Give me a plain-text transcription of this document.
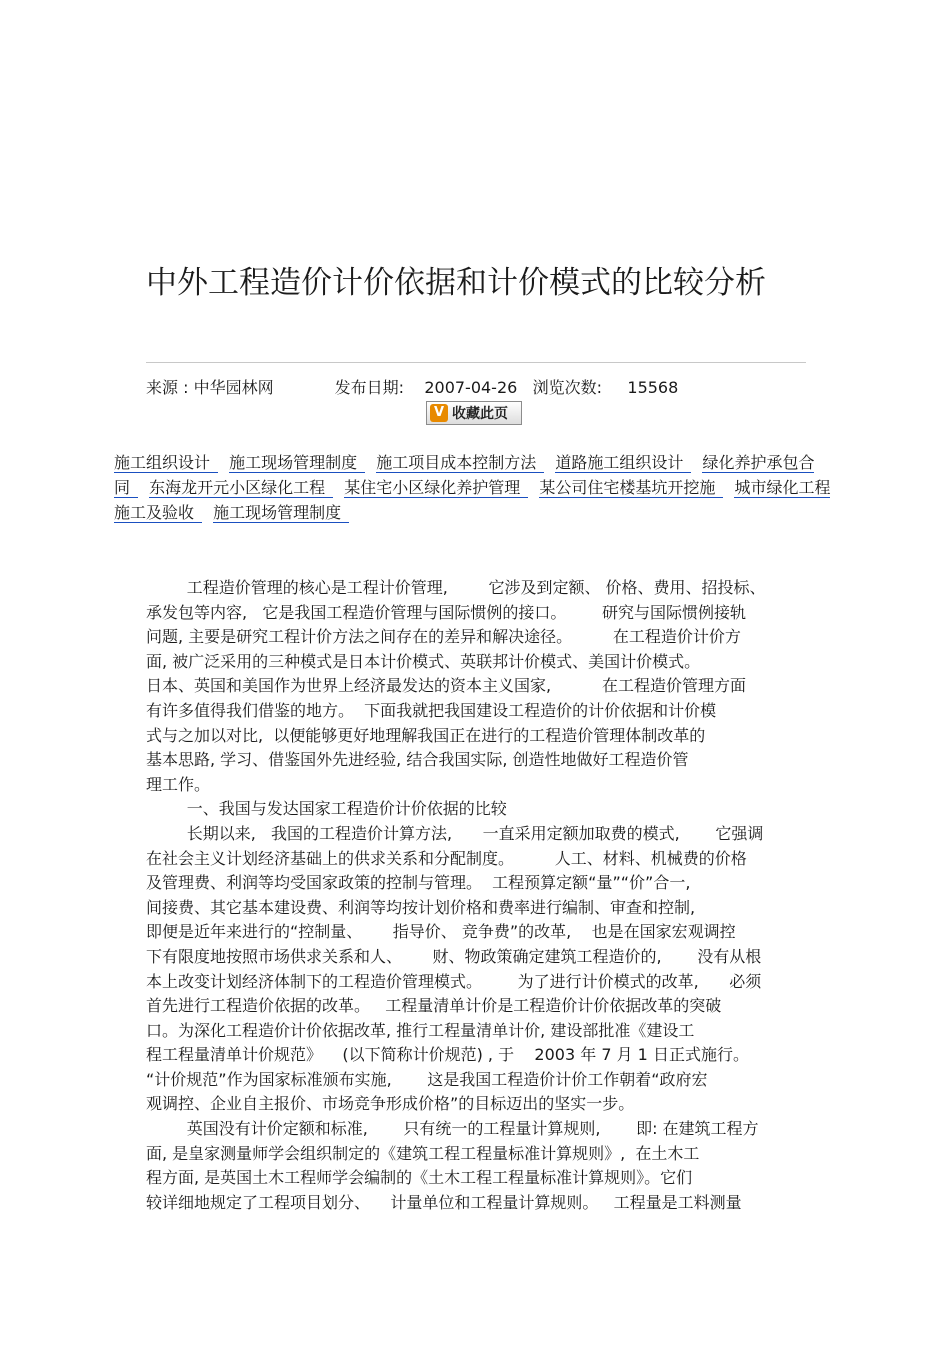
中外工程造价计价依据和计价模式的比较分析
来源 : 中华园林网            发布日期:    2007-04-26   浏览次数:     15568
V 收藏此页
施工组织设计 施工现场管理制度 施工项目成本控制方法 道路施工组织设计 绿化养护承包合同 东海龙开元小区绿化工程 某住宅小区绿化养护管理 某公司住宅楼基坑开挖施 城市绿化工程施工及验收 施工现场管理制度

工程造价管理的核心是工程计价管理,        它涉及到定额、 价格、费用、招投标、

承发包等内容,   它是我国工程造价管理与国际惯例的接口。       研究与国际惯例接轨

问题, 主要是研究工程计价方法之间存在的差异和解决途径。        在工程造价计价方

面, 被广泛采用的三种模式是日本计价模式、英联邦计价模式、美国计价模式。

日本、英国和美国作为世界上经济最发达的资本主义国家,          在工程造价管理方面

有许多值得我们借鉴的地方。  下面我就把我国建设工程造价的计价依据和计价模

式与之加以对比,  以便能够更好地理解我国正在进行的工程造价管理体制改革的

基本思路, 学习、借鉴国外先进经验, 结合我国实际, 创造性地做好工程造价管

理工作。

一、我国与发达国家工程造价计价依据的比较

长期以来,   我国的工程造价计算方法,      一直采用定额加取费的模式,       它强调

在社会主义计划经济基础上的供求关系和分配制度。        人工、材料、机械费的价格

及管理费、利润等均受国家政策的控制与管理。  工程预算定额“量”“价”合一,

间接费、其它基本建设费、利润等均按计划价格和费率进行编制、审查和控制,

即便是近年来进行的“控制量、      指导价、 竞争费”的改革,    也是在国家宏观调控

下有限度地按照市场供求关系和人、      财、物政策确定建筑工程造价的,       没有从根

本上改变计划经济体制下的工程造价管理模式。       为了进行计价模式的改革,      必须

首先进行工程造价依据的改革。   工程量清单计价是工程造价计价依据改革的突破

口。为深化工程造价计价依据改革, 推行工程量清单计价, 建设部批准《建设工

程工程量清单计价规范》    (以下简称计价规范) , 于    2003 年 7 月 1 日正式施行。

“计价规范”作为国家标准颁布实施,       这是我国工程造价计价工作朝着“政府宏

观调控、企业自主报价、市场竞争形成价格”的目标迈出的坚实一步。

英国没有计价定额和标准,       只有统一的工程量计算规则,       即: 在建筑工程方

面, 是皇家测量师学会组织制定的《建筑工程工程量标准计算规则》,  在土木工

程方面, 是英国土木工程师学会编制的《土木工程工程量标准计算规则》。它们

较详细地规定了工程项目划分、    计量单位和工程量计算规则。   工程量是工料测量
